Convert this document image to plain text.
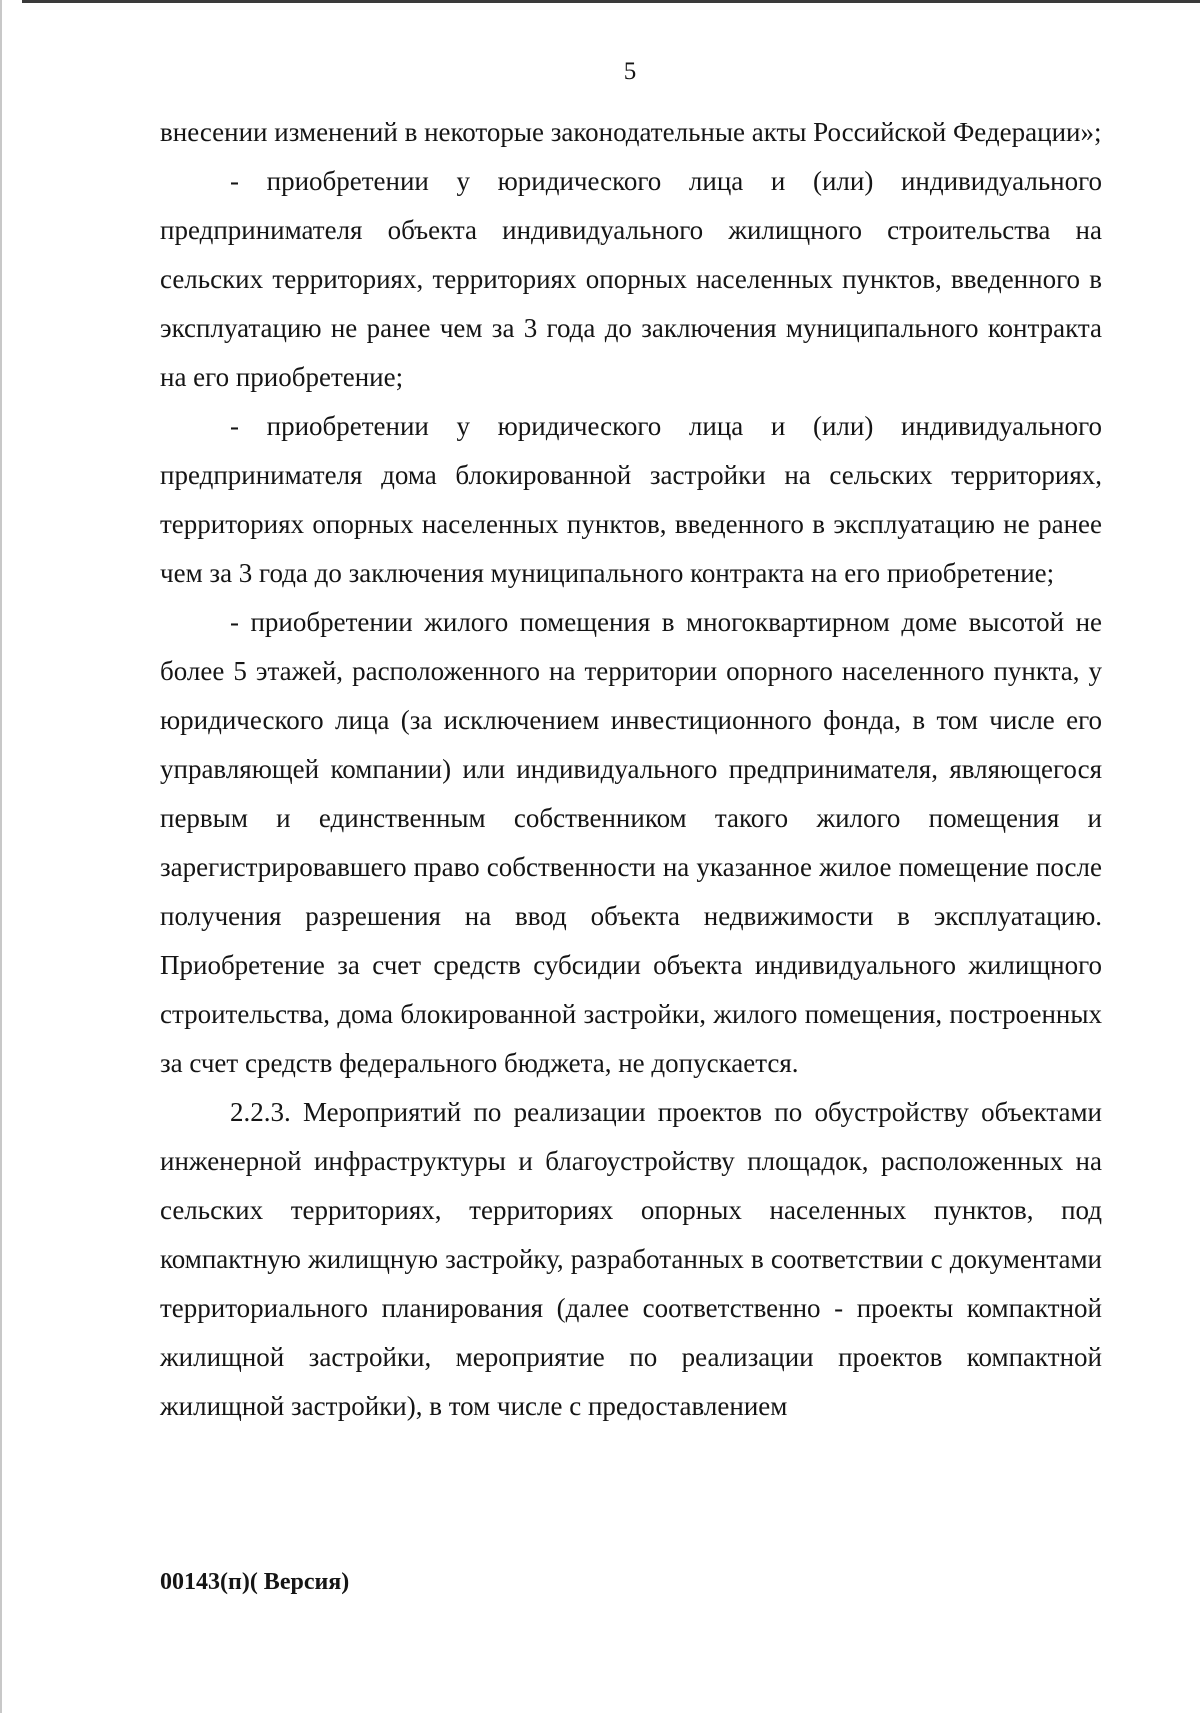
5

внесении изменений в некоторые законодательные акты Российской Федерации»;

- приобретении у юридического лица и (или) индивидуального предпринимателя объекта индивидуального жилищного строительства на сельских территориях, территориях опорных населенных пунктов, введенного в эксплуатацию не ранее чем за 3 года до заключения муниципального контракта на его приобретение;

- приобретении у юридического лица и (или) индивидуального предпринимателя дома блокированной застройки на сельских территориях, территориях опорных населенных пунктов, введенного в эксплуатацию не ранее чем за 3 года до заключения муниципального контракта на его приобретение;

- приобретении жилого помещения в многоквартирном доме высотой не более 5 этажей, расположенного на территории опорного населенного пункта, у юридического лица (за исключением инвестиционного фонда, в том числе его управляющей компании) или индивидуального предпринимателя, являющегося первым и единственным собственником такого жилого помещения и зарегистрировавшего право собственности на указанное жилое помещение после получения разрешения на ввод объекта недвижимости в эксплуатацию. Приобретение за счет средств субсидии объекта индивидуального жилищного строительства, дома блокированной застройки, жилого помещения, построенных за счет средств федерального бюджета, не допускается.

2.2.3. Мероприятий по реализации проектов по обустройству объектами инженерной инфраструктуры и благоустройству площадок, расположенных на сельских территориях, территориях опорных населенных пунктов, под компактную жилищную застройку, разработанных в соответствии с документами территориального планирования (далее соответственно - проекты компактной жилищной застройки, мероприятие по реализации проектов компактной жилищной застройки), в том числе с предоставлением

00143(п)( Версия)
